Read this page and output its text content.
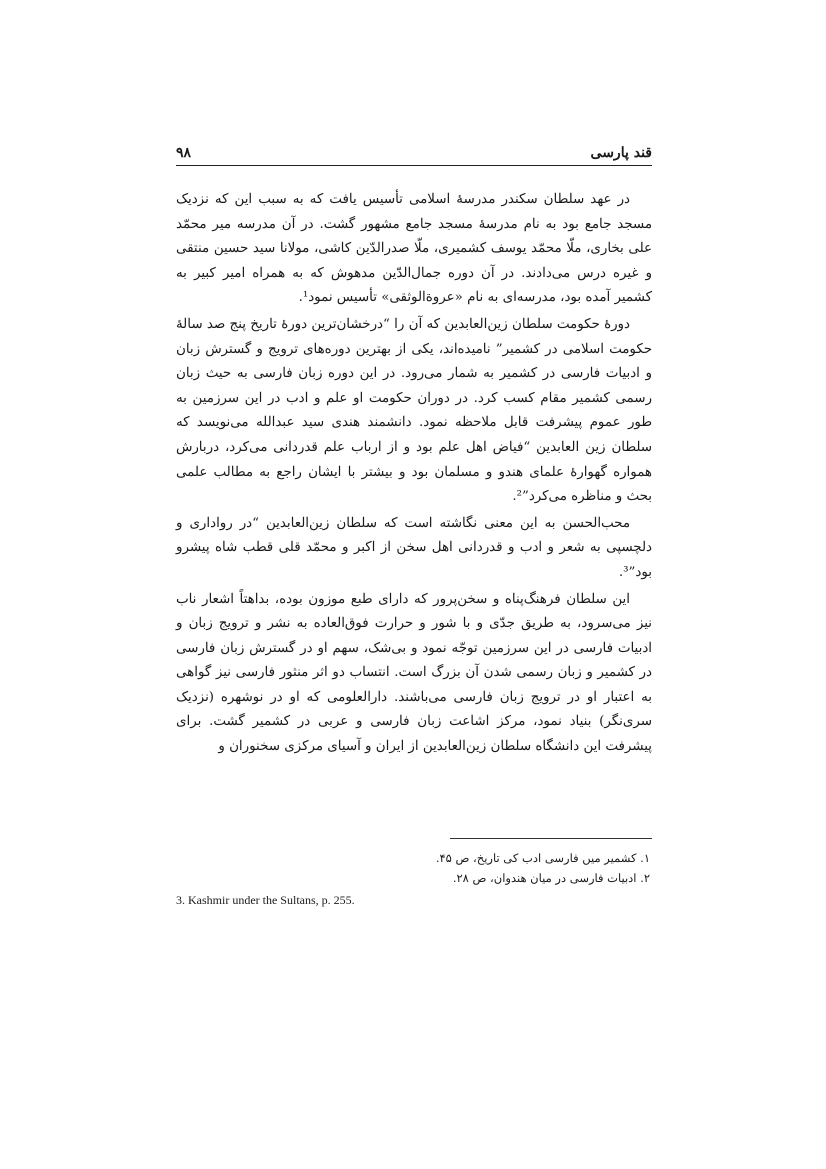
قند پارسی
۹۸

در عهد سلطان سکندر مدرسهٔ اسلامی تأسیس یافت که به سبب این که نزدیک مسجد جامع بود به نام مدرسهٔ مسجد جامع مشهور گشت. در آن مدرسه میر محمّد علی بخاری، ملّا محمّد یوسف کشمیری، ملّا صدرالدّین کاشی، مولانا سید حسین منتقی و غیره درس می‌دادند. در آن دوره جمال‌الدّین مدهوش که به همراه امیر کبیر به کشمیر آمده بود، مدرسه‌ای به نام «عروةالوثقی» تأسیس نمود¹.

دورهٔ حکومت سلطان زین‌العابدین که آن را “درخشان‌ترین دورهٔ تاریخ پنج صد سالهٔ حکومت اسلامی در کشمیر” نامیده‌اند، یکی از بهترین دوره‌های ترویج و گسترش زبان و ادبیات فارسی در کشمیر به شمار می‌رود. در این دوره زبان فارسی به حیث زبان رسمی کشمیر مقام کسب کرد. در دوران حکومت او علم و ادب در این سرزمین به طور عموم پیشرفت قابل ملاحظه نمود. دانشمند هندی سید عبدالله می‌نویسد که سلطان زین العابدین “فیاض اهل علم بود و از ارباب علم قدردانی می‌کرد، دربارش همواره گهوارهٔ علمای هندو و مسلمان بود و بیشتر با ایشان راجع به مطالب علمی بحث و مناظره می‌کرد”².

محب‌الحسن به این معنی نگاشته است که سلطان زین‌العابدین “در رواداری و دلچسپی به شعر و ادب و قدردانی اهل سخن از اکبر و محمّد قلی قطب شاه پیشرو بود”³.

این سلطان فرهنگ‌پناه و سخن‌پرور که دارای طبع موزون بوده، بداهتاً اشعار ناب نیز می‌سرود، به طریق جدّی و با شور و حرارت فوق‌العاده به نشر و ترویج زبان و ادبیات فارسی در این سرزمین توجّه نمود و بی‌شک، سهم او در گسترش زبان فارسی در کشمیر و زبان رسمی شدن آن بزرگ است. انتساب دو اثر منثور فارسی نیز گواهی به اعتبار او در ترویج زبان فارسی می‌باشند. دارالعلومی که او در نوشهره (نزدیک سری‌نگر) بنیاد نمود، مرکز اشاعت زبان فارسی و عربی در کشمیر گشت. برای پیشرفت این دانشگاه سلطان زین‌العابدین از ایران و آسیای مرکزی سخنوران و

۱. کشمیر میں فارسی ادب کی تاریخ، ص ۴۵.

۲. ادبیات فارسی در میان هندوان، ص ۲۸.

3. Kashmir under the Sultans, p. 255.
